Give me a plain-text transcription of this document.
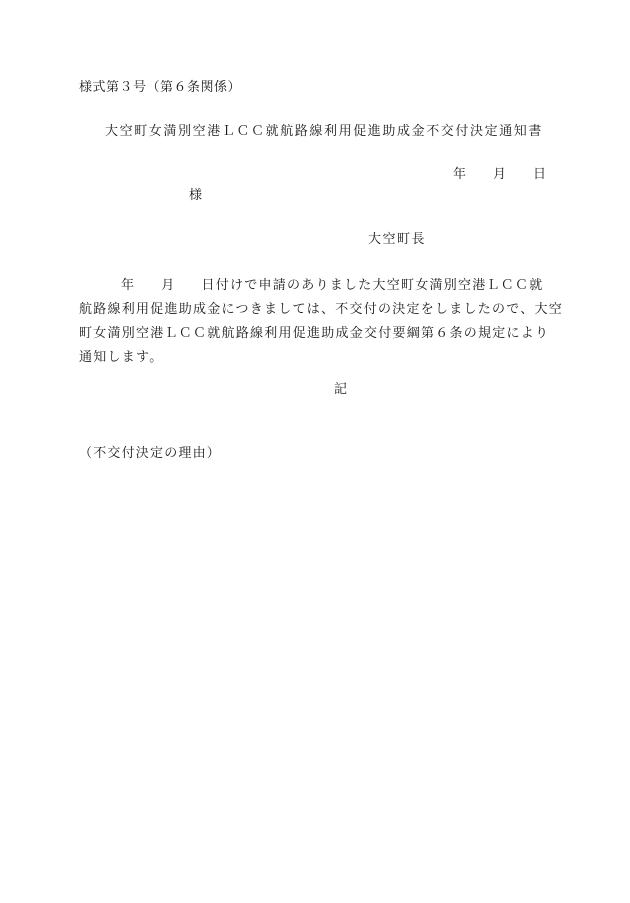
様式第３号（第６条関係）
大空町女満別空港ＬＣＣ就航路線利用促進助成金不交付決定通知書
年 月 日
様
大空町長
年 月 日付けで申請のありました大空町女満別空港ＬＣＣ就
航路線利用促進助成金につきましては、不交付の決定をしましたので、大空
町女満別空港ＬＣＣ就航路線利用促進助成金交付要綱第６条の規定により
通知します。
記
（不交付決定の理由）
